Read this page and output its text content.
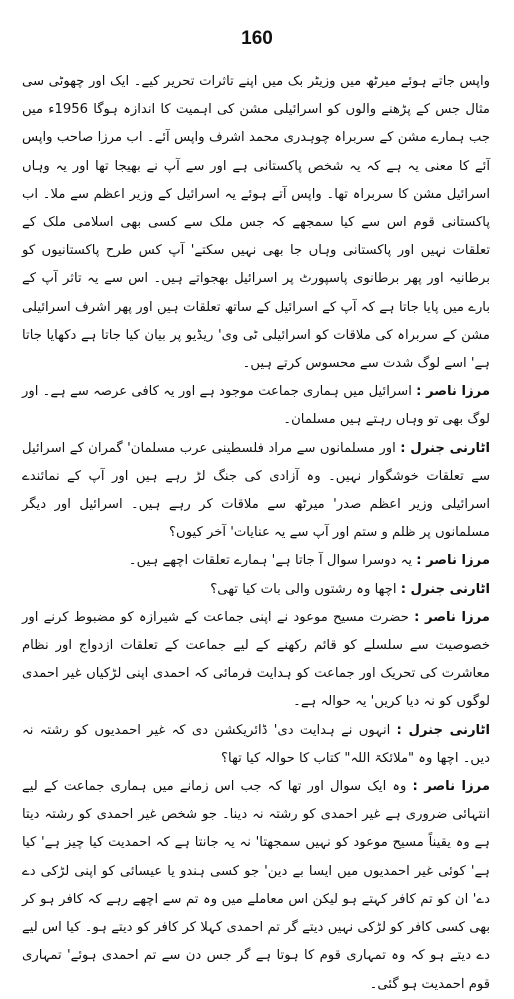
160

واپس جاتے ہوئے میرٹھ میں وزیٹر بک میں اپنے تاثرات تحریر کیے۔ ایک اور چھوٹی سی مثال جس کے پڑھنے والوں کو اسرائیلی مشن کی اہمیت کا اندازہ ہوگا 1956ء میں جب ہمارے مشن کے سربراہ چوہدری محمد اشرف واپس آئے۔ اب مرزا صاحب واپس آئے کا معنی یہ ہے کہ یہ شخص پاکستانی ہے اور سے آپ نے بھیجا تھا اور یہ وہاں اسرائیل مشن کا سربراہ تھا۔ واپس آتے ہوئے یہ اسرائیل کے وزیر اعظم سے ملا۔ اب پاکستانی قوم اس سے کیا سمجھے کہ جس ملک سے کسی بھی اسلامی ملک کے تعلقات نہیں اور پاکستانی وہاں جا بھی نہیں سکتے' آپ کس طرح پاکستانیوں کو برطانیہ اور پھر برطانوی پاسپورٹ پر اسرائیل بھجواتے ہیں۔ اس سے یہ تاثر آپ کے بارے میں پایا جاتا ہے کہ آپ کے اسرائیل کے ساتھ تعلقات ہیں اور پھر اشرف اسرائیلی مشن کے سربراہ کی ملاقات کو اسرائیلی ٹی وی' ریڈیو پر بیان کیا جاتا ہے دکھایا جاتا ہے' اسے لوگ شدت سے محسوس کرتے ہیں۔

مرزا ناصر : اسرائیل میں ہماری جماعت موجود ہے اور یہ کافی عرصہ سے ہے۔ اور لوگ بھی تو وہاں رہتے ہیں مسلمان۔

اٹارنی جنرل : اور مسلمانوں سے مراد فلسطینی عرب مسلمان' گمران کے اسرائیل سے تعلقات خوشگوار نہیں۔ وہ آزادی کی جنگ لڑ رہے ہیں اور آپ کے نمائندے اسرائیلی وزیر اعظم صدر' میرٹھ سے ملاقات کر رہے ہیں۔ اسرائیل اور دیگر مسلمانوں پر ظلم و ستم اور آپ سے یہ عنایات' آخر کیوں؟

مرزا ناصر : یہ دوسرا سوال آ جاتا ہے' ہمارے تعلقات اچھے ہیں۔

اٹارنی جنرل : اچھا وہ رشتوں والی بات کیا تھی؟

مرزا ناصر : حضرت مسیح موعود نے اپنی جماعت کے شیرازہ کو مضبوط کرنے اور خصوصیت سے سلسلے کو قائم رکھنے کے لیے جماعت کے تعلقات ازدواج اور نظام معاشرت کی تحریک اور جماعت کو ہدایت فرمائی کہ احمدی اپنی لڑکیاں غیر احمدی لوگوں کو نہ دیا کریں' یہ حوالہ ہے۔

اٹارنی جنرل : انہوں نے ہدایت دی' ڈائریکشن دی کہ غیر احمدیوں کو رشتہ نہ دیں۔ اچھا وہ "ملائکۃ اللہ" کتاب کا حوالہ کیا تھا؟

مرزا ناصر : وہ ایک سوال اور تھا کہ جب اس زمانے میں ہماری جماعت کے لیے انتہائی ضروری ہے غیر احمدی کو رشتہ نہ دینا۔ جو شخص غیر احمدی کو رشتہ دیتا ہے وہ یقیناً مسیح موعود کو نہیں سمجھتا' نہ یہ جانتا ہے کہ احمدیت کیا چیز ہے' کیا ہے' کوئی غیر احمدیوں میں ایسا بے دین' جو کسی ہندو یا عیسائی کو اپنی لڑکی دے دے' ان کو تم کافر کہتے ہو لیکن اس معاملے میں وہ تم سے اچھے رہے کہ کافر ہو کر بھی کسی کافر کو لڑکی نہیں دیتے گر تم احمدی کہلا کر کافر کو دیتے ہو۔ کیا اس لیے دے دیتے ہو کہ وہ تمہاری قوم کا ہوتا ہے گر جس دن سے تم احمدی ہوئے' تمہاری قوم احمدیت ہو گئی۔
